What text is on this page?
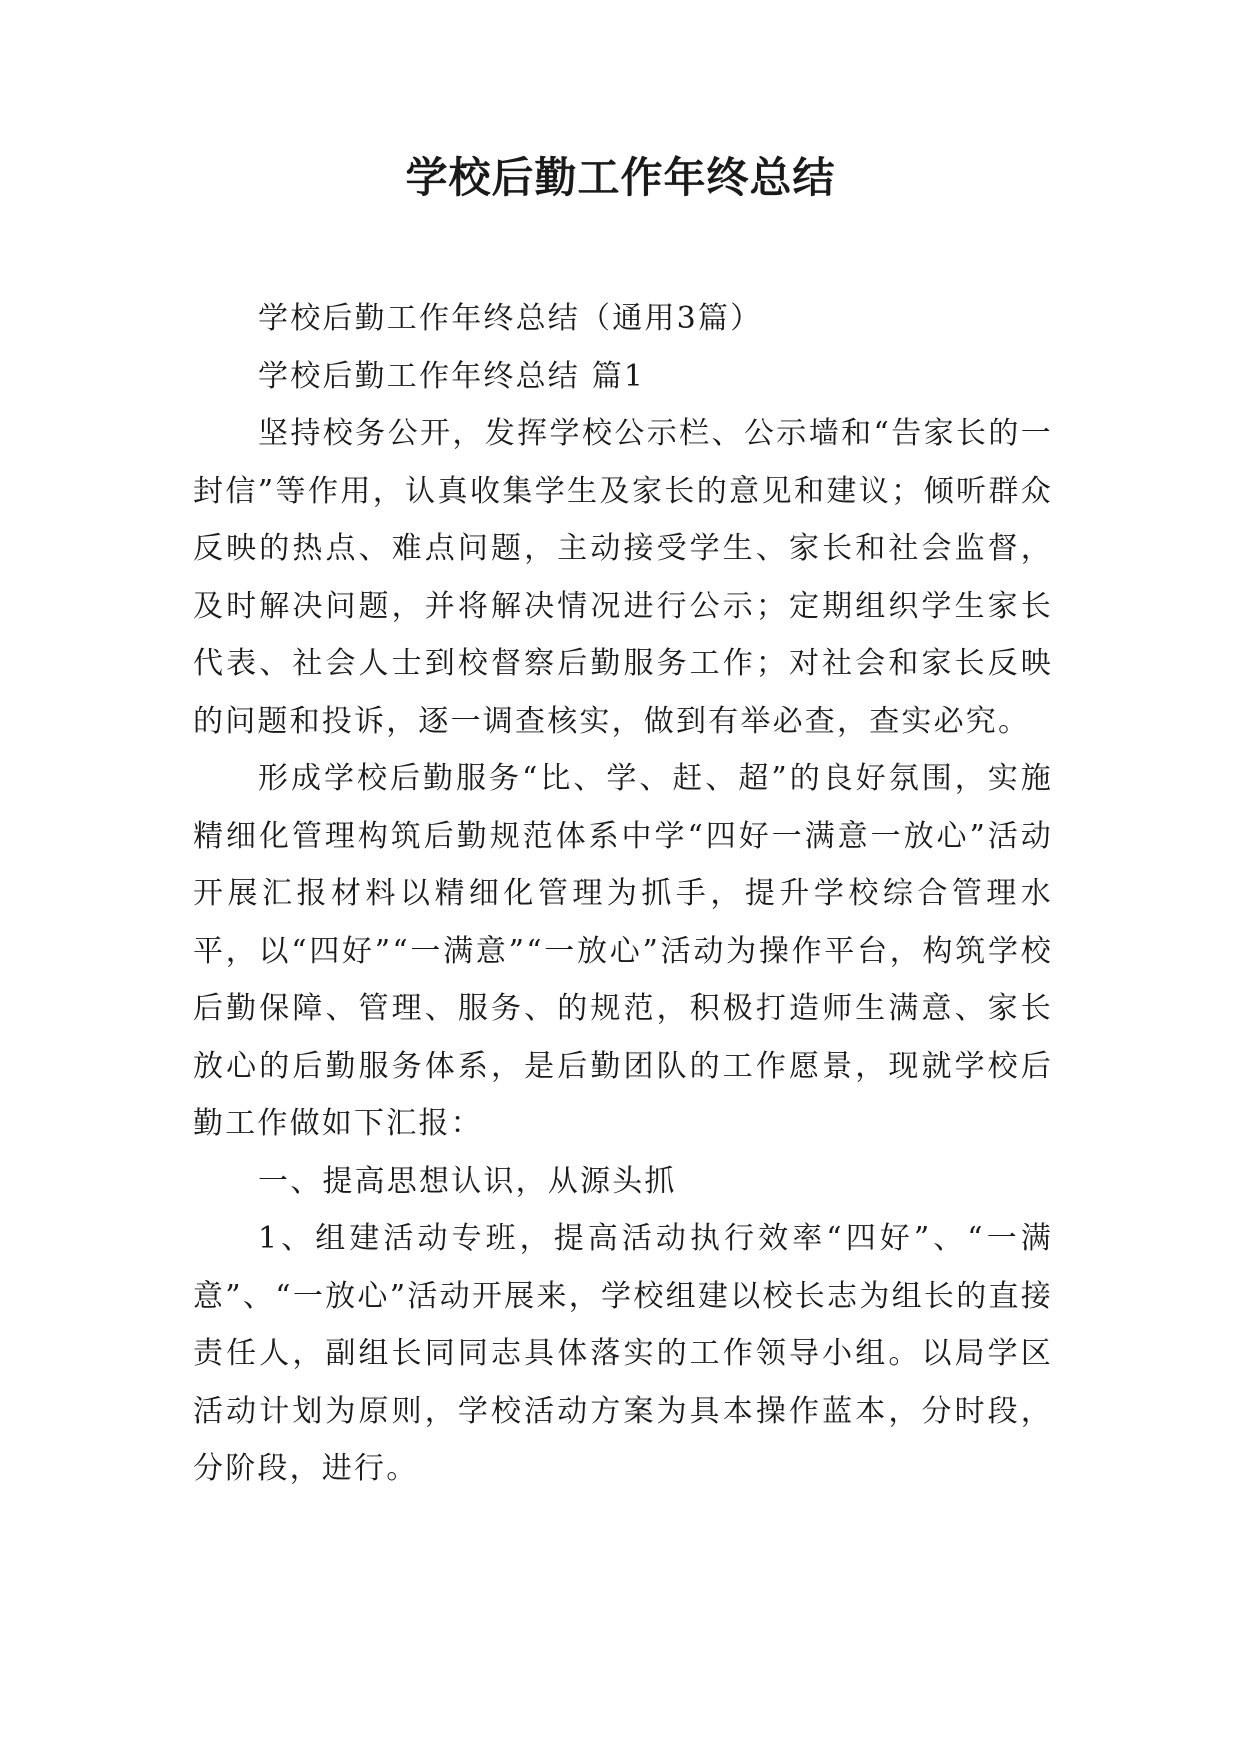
学校后勤工作年终总结

学校后勤工作年终总结（通用3篇）

学校后勤工作年终总结 篇1

坚持校务公开，发挥学校公示栏、公示墙和“告家长的一封信”等作用，认真收集学生及家长的意见和建议；倾听群众反映的热点、难点问题，主动接受学生、家长和社会监督，及时解决问题，并将解决情况进行公示；定期组织学生家长代表、社会人士到校督察后勤服务工作；对社会和家长反映的问题和投诉，逐一调查核实，做到有举必查，查实必究。

形成学校后勤服务“比、学、赶、超”的良好氛围，实施精细化管理构筑后勤规范体系中学“四好一满意一放心”活动开展汇报材料以精细化管理为抓手，提升学校综合管理水平，以“四好”“一满意”“一放心”活动为操作平台，构筑学校后勤保障、管理、服务、的规范，积极打造师生满意、家长放心的后勤服务体系，是后勤团队的工作愿景，现就学校后勤工作做如下汇报：

一、提高思想认识，从源头抓

1、组建活动专班，提高活动执行效率“四好”、“一满意”、“一放心”活动开展来，学校组建以校长志为组长的直接责任人，副组长同同志具体落实的工作领导小组。以局学区活动计划为原则，学校活动方案为具本操作蓝本，分时段，分阶段，进行。
